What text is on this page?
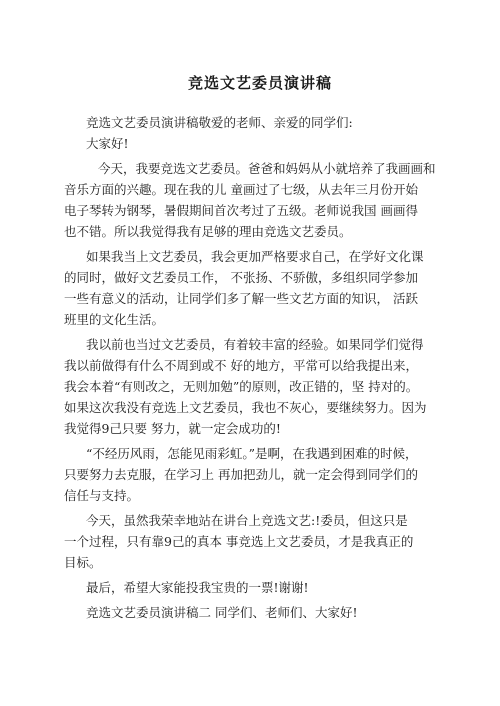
竞选文艺委员演讲稿

竞选文艺委员演讲稿敬爱的老师、亲爱的同学们:

大家好!

今天，我要竞选文艺委员。爸爸和妈妈从小就培养了我画画和

音乐方面的兴趣。现在我的儿 童画过了七级，从去年三月份开始

电子琴转为钢琴，暑假期间首次考过了五级。老师说我国 画画得

也不错。所以我觉得我有足够的理由竞选文艺委员。

如果我当上文艺委员，我会更加严格要求自己，在学好文化课

的同时，做好文艺委员工作， 不张扬、不骄傲，多组织同学参加

一些有意义的活动，让同学们多了解一些文艺方面的知识， 活跃

班里的文化生活。

我以前也当过文艺委员，有着较丰富的经验。如果同学们觉得

我以前做得有什么不周到或不 好的地方，平常可以给我提出来，

我会本着“有则改之，无则加勉”的原则，改正错的，坚 持对的。

如果这次我没有竞选上文艺委员，我也不灰心，要继续努力。因为

我觉得9己只要 努力，就一定会成功的!

“不经历风雨，怎能见雨彩虹。”是啊，在我遇到困难的时候，

只要努力去克服，在学习上 再加把劲儿，就一定会得到同学们的

信任与支持。

今天，虽然我荣幸地站在讲台上竞选文艺:!委员，但这只是

一个过程，只有靠9己的真本 事竞选上文艺委员，才是我真正的

目标。

最后，希望大家能投我宝贵的一票!谢谢!

竞选文艺委员演讲稿二 同学们、老师们、大家好!
